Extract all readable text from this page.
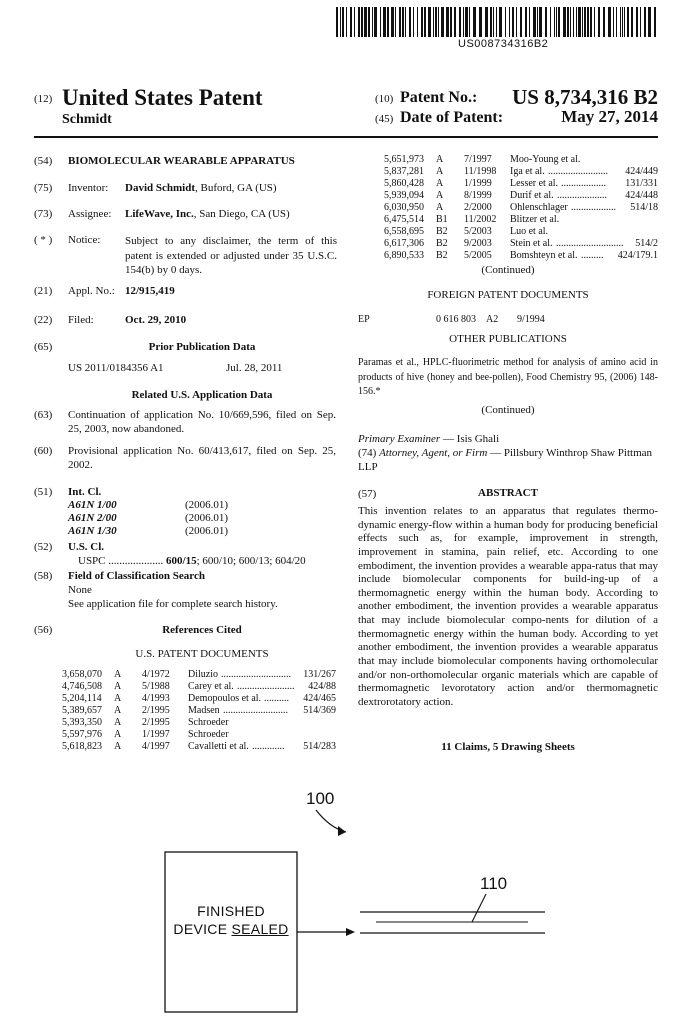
US008734316B2
(12) United States Patent
Schmidt
(10) Patent No.: US 8,734,316 B2
(45) Date of Patent:	May 27, 2014
(54) BIOMOLECULAR WEARABLE APPARATUS
(75) Inventor: David Schmidt, Buford, GA (US)
(73) Assignee: LifeWave, Inc., San Diego, CA (US)
( * ) Notice: Subject to any disclaimer, the term of this patent is extended or adjusted under 35 U.S.C. 154(b) by 0 days.
(21) Appl. No.: 12/915,419
(22) Filed:	Oct. 29, 2010
(65)	Prior Publication Data
US 2011/0184356 A1	Jul. 28, 2011
Related U.S. Application Data
(63) Continuation of application No. 10/669,596, filed on Sep. 25, 2003, now abandoned.
(60) Provisional application No. 60/413,617, filed on Sep. 25, 2002.
(51) Int. Cl.
A61N 1/00	(2006.01)
A61N 2/00	(2006.01)
A61N 1/30	(2006.01)
(52) U.S. Cl.
USPC .................... 600/15; 600/10; 600/13; 604/20
(58) Field of Classification Search
None
See application file for complete search history.
(56)	References Cited
U.S. PATENT DOCUMENTS
3,658,070 A 4/1972 Diluzio	131/267
............................
4,746,508 A 5/1988 Carey et al.	424/88
.......................
5,204,114 A 4/1993 Demopoulos et al.	424/465
..........
5,389,657 A 2/1995 Madsen	514/369
..........................
5,393,350 A 2/1995 Schroeder
5,597,976 A 1/1997 Schroeder
5,618,823 A 4/1997 Cavalletti et al.	514/283
.............
5,651,973 A 7/1997 Moo-Young et al.
5,837,281 A 11/1998 Iga et al.	424/449
........................
5,860,428 A 1/1999 Lesser et al.	131/331
..................
5,939,094 A 8/1999 Durif et al.	424/448
....................
6,030,950 A 2/2000 Ohlenschlager	514/18
..................
6,475,514 B1 11/2002 Blitzer et al.
6,558,695 B2 5/2003 Luo et al.
6,617,306 B2 9/2003 Stein et al.	514/2
...........................
6,890,533 B2 5/2005 Bomshteyn et al.	424/179.1
.........
(Continued)
FOREIGN PATENT DOCUMENTS
EP	0 616 803 A2 9/1994
OTHER PUBLICATIONS
Paramas et al., HPLC-fluorimetric method for analysis of amino acid in products of hive (honey and bee-pollen), Food Chemistry 95, (2006) 148-156.*
(Continued)
Primary Examiner — Isis Ghali
(74) Attorney, Agent, or Firm — Pillsbury Winthrop Shaw Pittman LLP
(57)	ABSTRACT
This invention relates to an apparatus that regulates thermo-dynamic energy-flow within a human body for producing beneficial effects such as, for example, improvement in strength, improvement in stamina, pain relief, etc. According to one embodiment, the invention provides a wearable appa-ratus that may include biomolecular components for build-ing-up of a thermomagnetic energy within the human body. According to another embodiment, the invention provides a wearable apparatus that may include biomolecular compo-nents for dilution of a thermomagnetic energy within the human body. According to yet another embodiment, the invention provides a wearable apparatus that may include biomolecular components having orthomolecular and/or non-orthomolecular organic materials which are capable of thermomagnetic levorotatory action and/or thermomagnetic dextrorotatory action.
11 Claims, 5 Drawing Sheets
100
110
FINISHED
DEVICE SEALED
